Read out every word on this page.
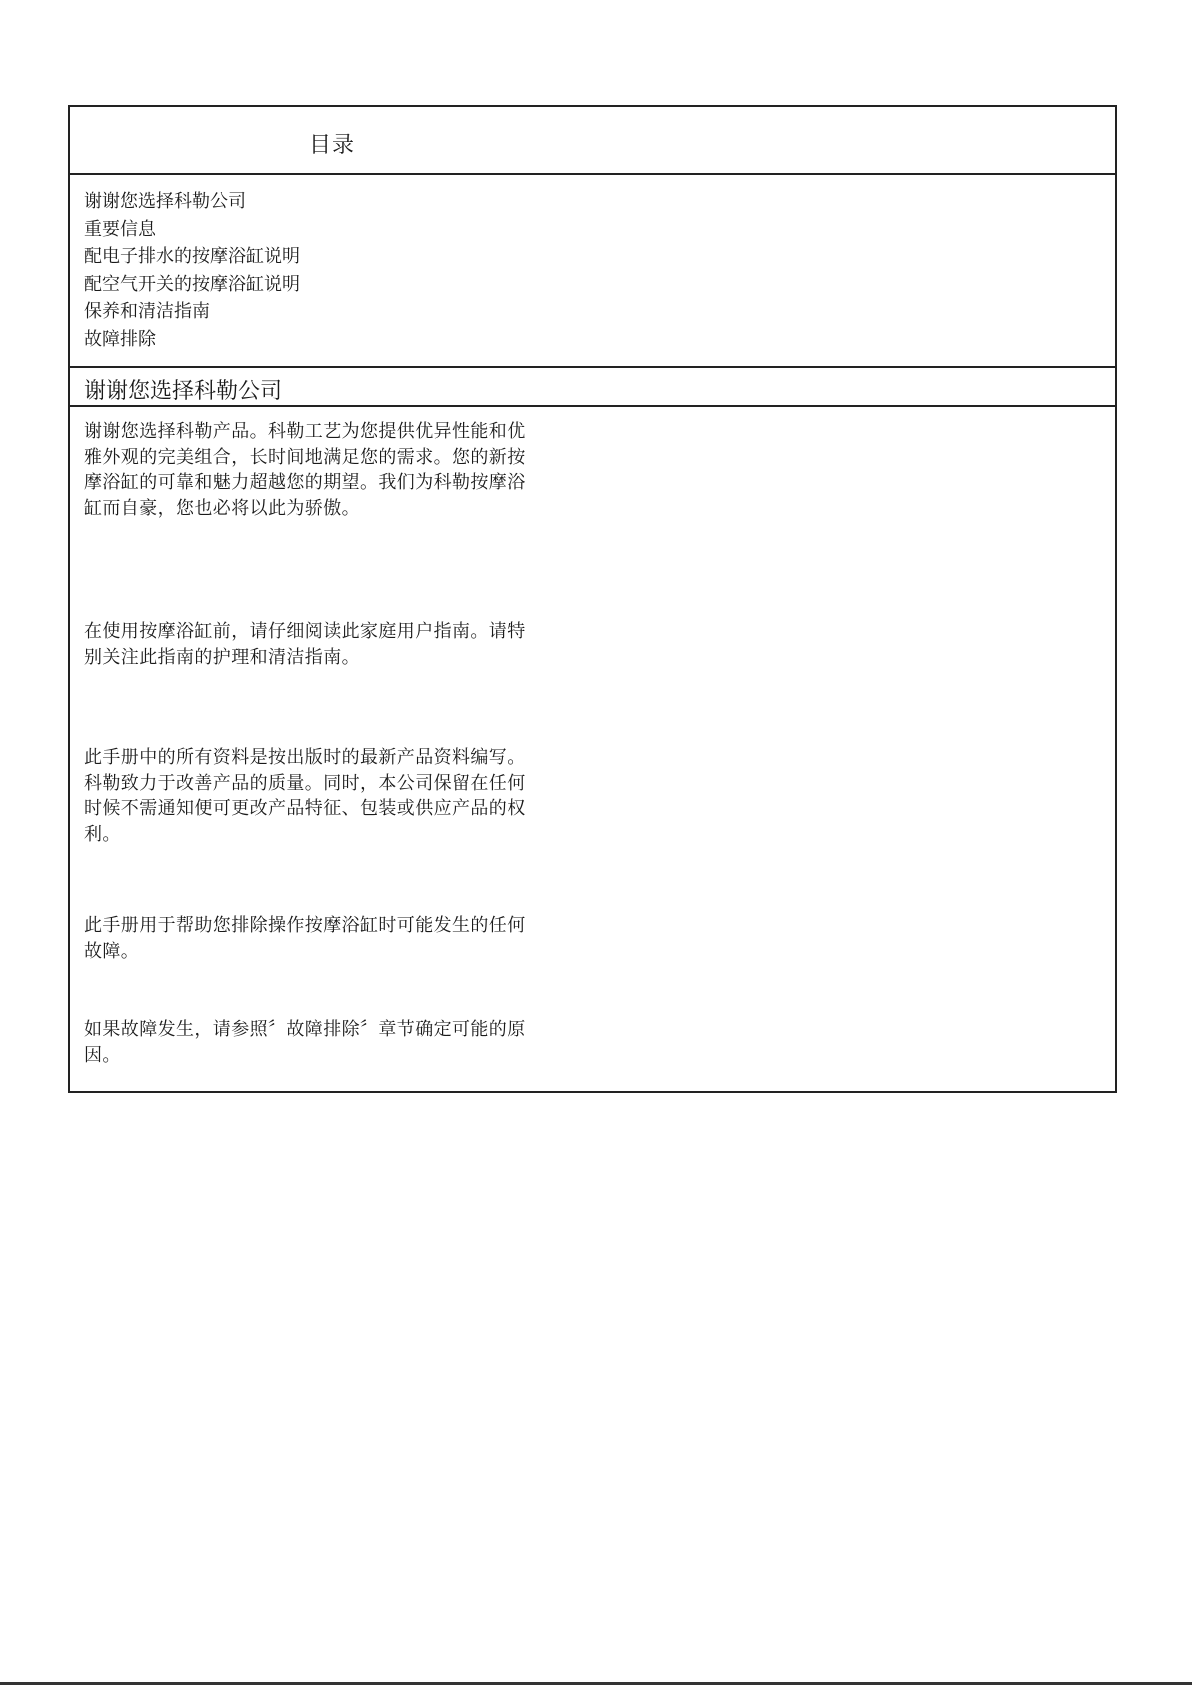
目录
谢谢您选择科勒公司
重要信息
配电子排水的按摩浴缸说明
配空气开关的按摩浴缸说明
保养和清洁指南
故障排除
谢谢您选择科勒公司
谢谢您选择科勒产品。科勒工艺为您提供优异性能和优
雅外观的完美组合，长时间地满足您的需求。您的新按
摩浴缸的可靠和魅力超越您的期望。我们为科勒按摩浴
缸而自豪，您也必将以此为骄傲。
在使用按摩浴缸前，请仔细阅读此家庭用户指南。请特
别关注此指南的护理和清洁指南。
此手册中的所有资料是按出版时的最新产品资料编写。
科勒致力于改善产品的质量。同时，本公司保留在任何
时候不需通知便可更改产品特征、包装或供应产品的权
利。
此手册用于帮助您排除操作按摩浴缸时可能发生的任何
故障。
如果故障发生，请参照〞故障排除〞章节确定可能的原
因。
